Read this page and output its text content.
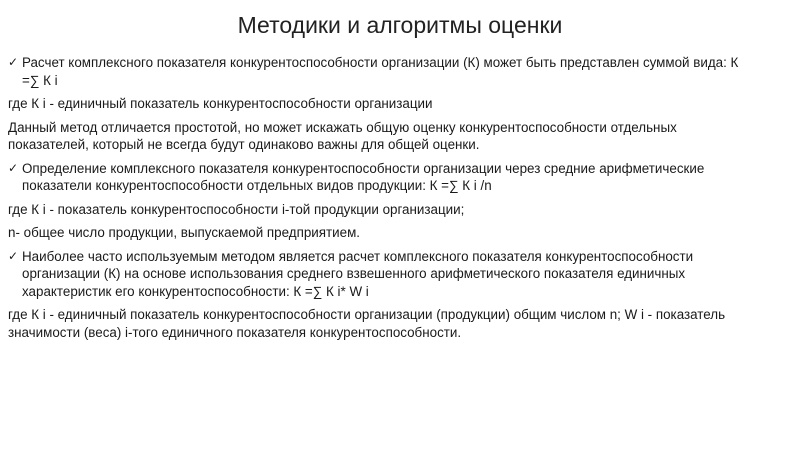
Методики и алгоритмы оценки
✓ Расчет комплексного показателя конкурентоспособности организации (К) может быть представлен суммой вида: К =∑ К i
где К i - единичный показатель конкурентоспособности организации
Данный метод отличается простотой, но может искажать общую оценку конкурентоспособности отдельных показателей, который не всегда будут одинаково важны для общей оценки.
✓ Определение комплексного показателя конкурентоспособности организации через средние арифметические показатели конкурентоспособности отдельных видов продукции: К =∑ К i /n
где К i - показатель конкурентоспособности i-той продукции организации;
n- общее число продукции, выпускаемой предприятием.
✓ Наиболее часто используемым методом является расчет комплексного показателя конкурентоспособности организации (К) на основе использования среднего взвешенного арифметического показателя единичных характеристик его конкурентоспособности: К =∑ К i* W i
где К i - единичный показатель конкурентоспособности организации (продукции) общим числом n; W i - показатель значимости (веса) i-того единичного показателя конкурентоспособности.
